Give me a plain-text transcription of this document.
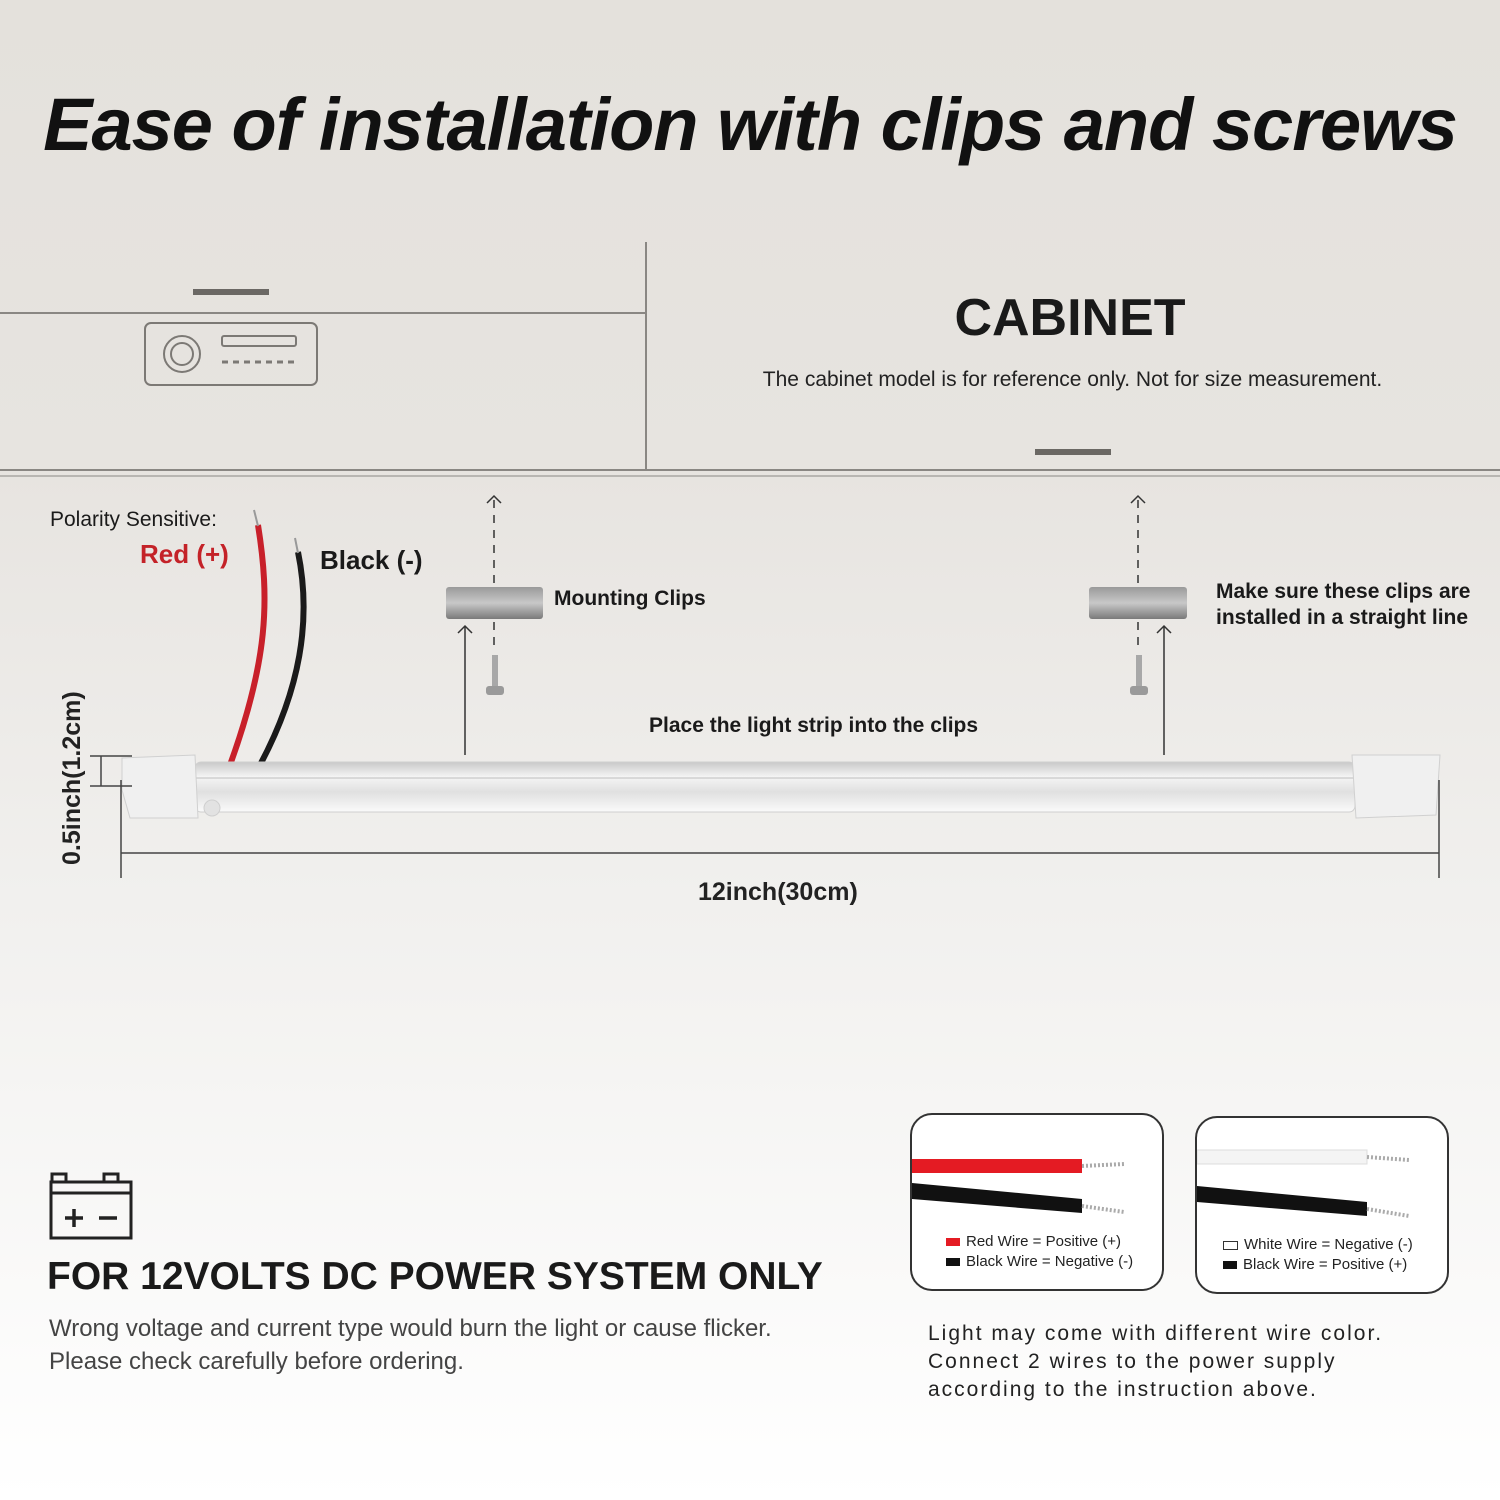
Ease of installation with clips and screws
CABINET
The cabinet model is for reference only. Not for size measurement.
Polarity Sensitive:
Red (+)	Black (-)
Mounting Clips	Make sure these clips are
installed in a straight line
Place the light strip into the clips
0.5inch(1.2cm)
12inch(30cm)
FOR 12VOLTS DC POWER SYSTEM ONLY
Wrong voltage and current type would burn the light or cause flicker.
Please check carefully before ordering.
Red Wire = Positive (+)
Black Wire = Negative (-)
White Wire = Negative (-)
Black Wire = Positive (+)
Light may come with different wire color.
Connect 2 wires to the power supply
according to the instruction above.
